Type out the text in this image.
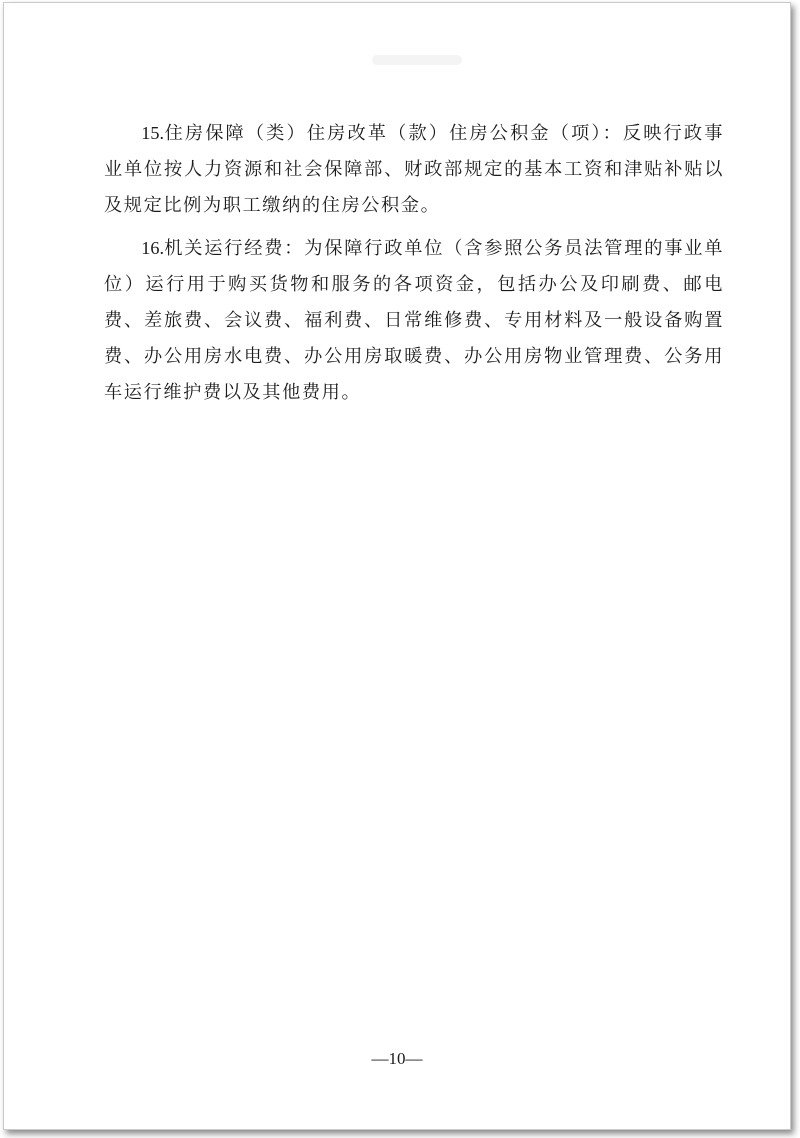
15.住房保障（类）住房改革（款）住房公积金（项）：反映行政事业单位按人力资源和社会保障部、财政部规定的基本工资和津贴补贴以及规定比例为职工缴纳的住房公积金。

16.机关运行经费：为保障行政单位（含参照公务员法管理的事业单位）运行用于购买货物和服务的各项资金，包括办公及印刷费、邮电费、差旅费、会议费、福利费、日常维修费、专用材料及一般设备购置费、办公用房水电费、办公用房取暖费、办公用房物业管理费、公务用车运行维护费以及其他费用。

—10—
